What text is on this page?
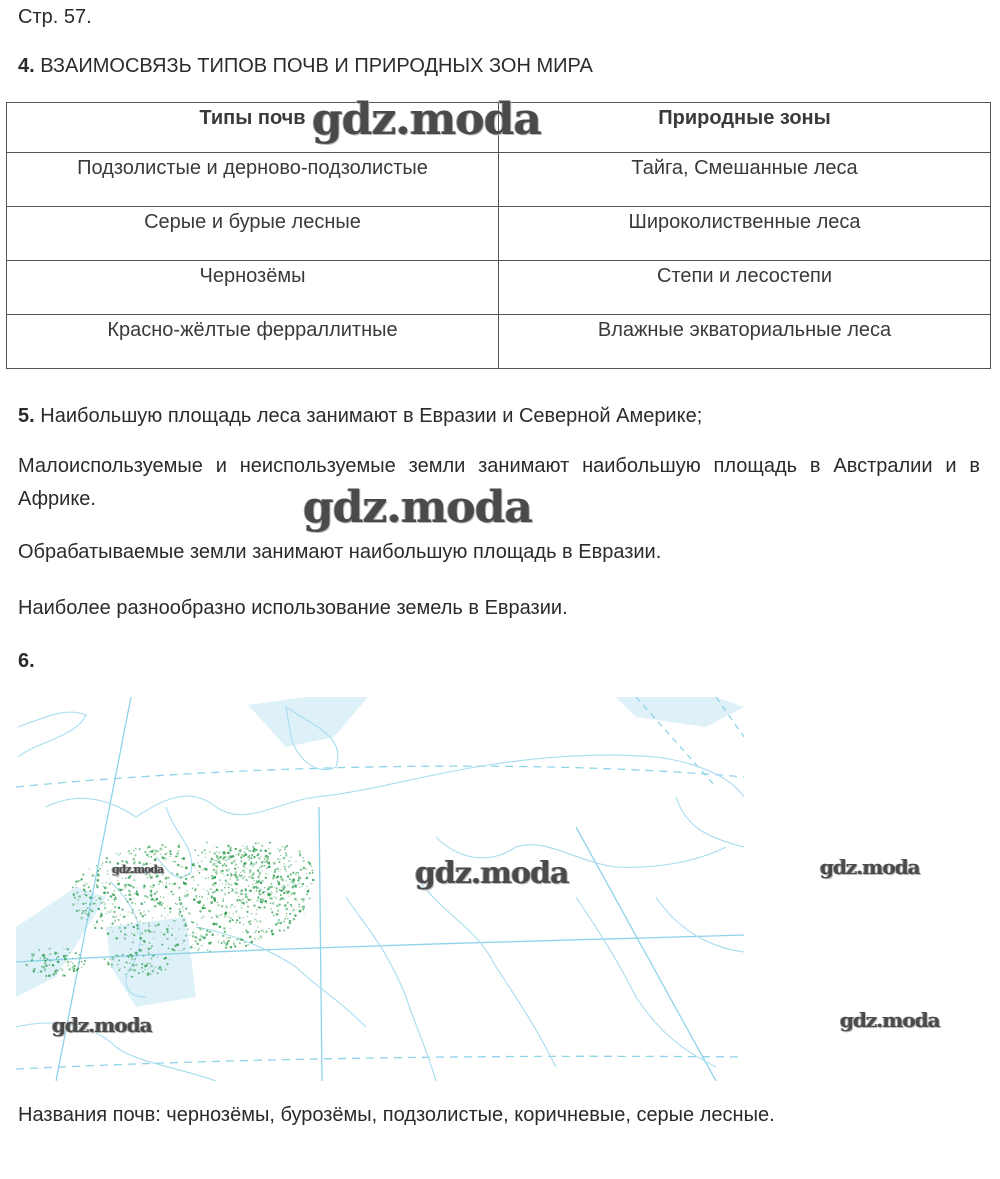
Стр. 57.
4. ВЗАИМОСВЯЗЬ ТИПОВ ПОЧВ И ПРИРОДНЫХ ЗОН МИРА
Типы почв	Природные зоны
Подзолистые и дерново-подзолистые	Тайга, Смешанные леса
Серые и бурые лесные	Широколиственные леса
Чернозёмы	Степи и лесостепи
Красно-жёлтые ферраллитные	Влажные экваториальные леса
5. Наибольшую площадь леса занимают в Евразии и Северной Америке;
Малоиспользуемые и неиспользуемые земли занимают наибольшую площадь в Австралии и в Африке.
Обрабатываемые земли занимают наибольшую площадь в Евразии.
Наиболее разнообразно использование земель в Евразии.
6.
gdz.moda
gdz.moda
gdz.moda	gdz.moda
gdz.moda	gdz.moda
gdz.moda
Названия почв: чернозёмы, бурозёмы, подзолистые, коричневые, серые лесные.
